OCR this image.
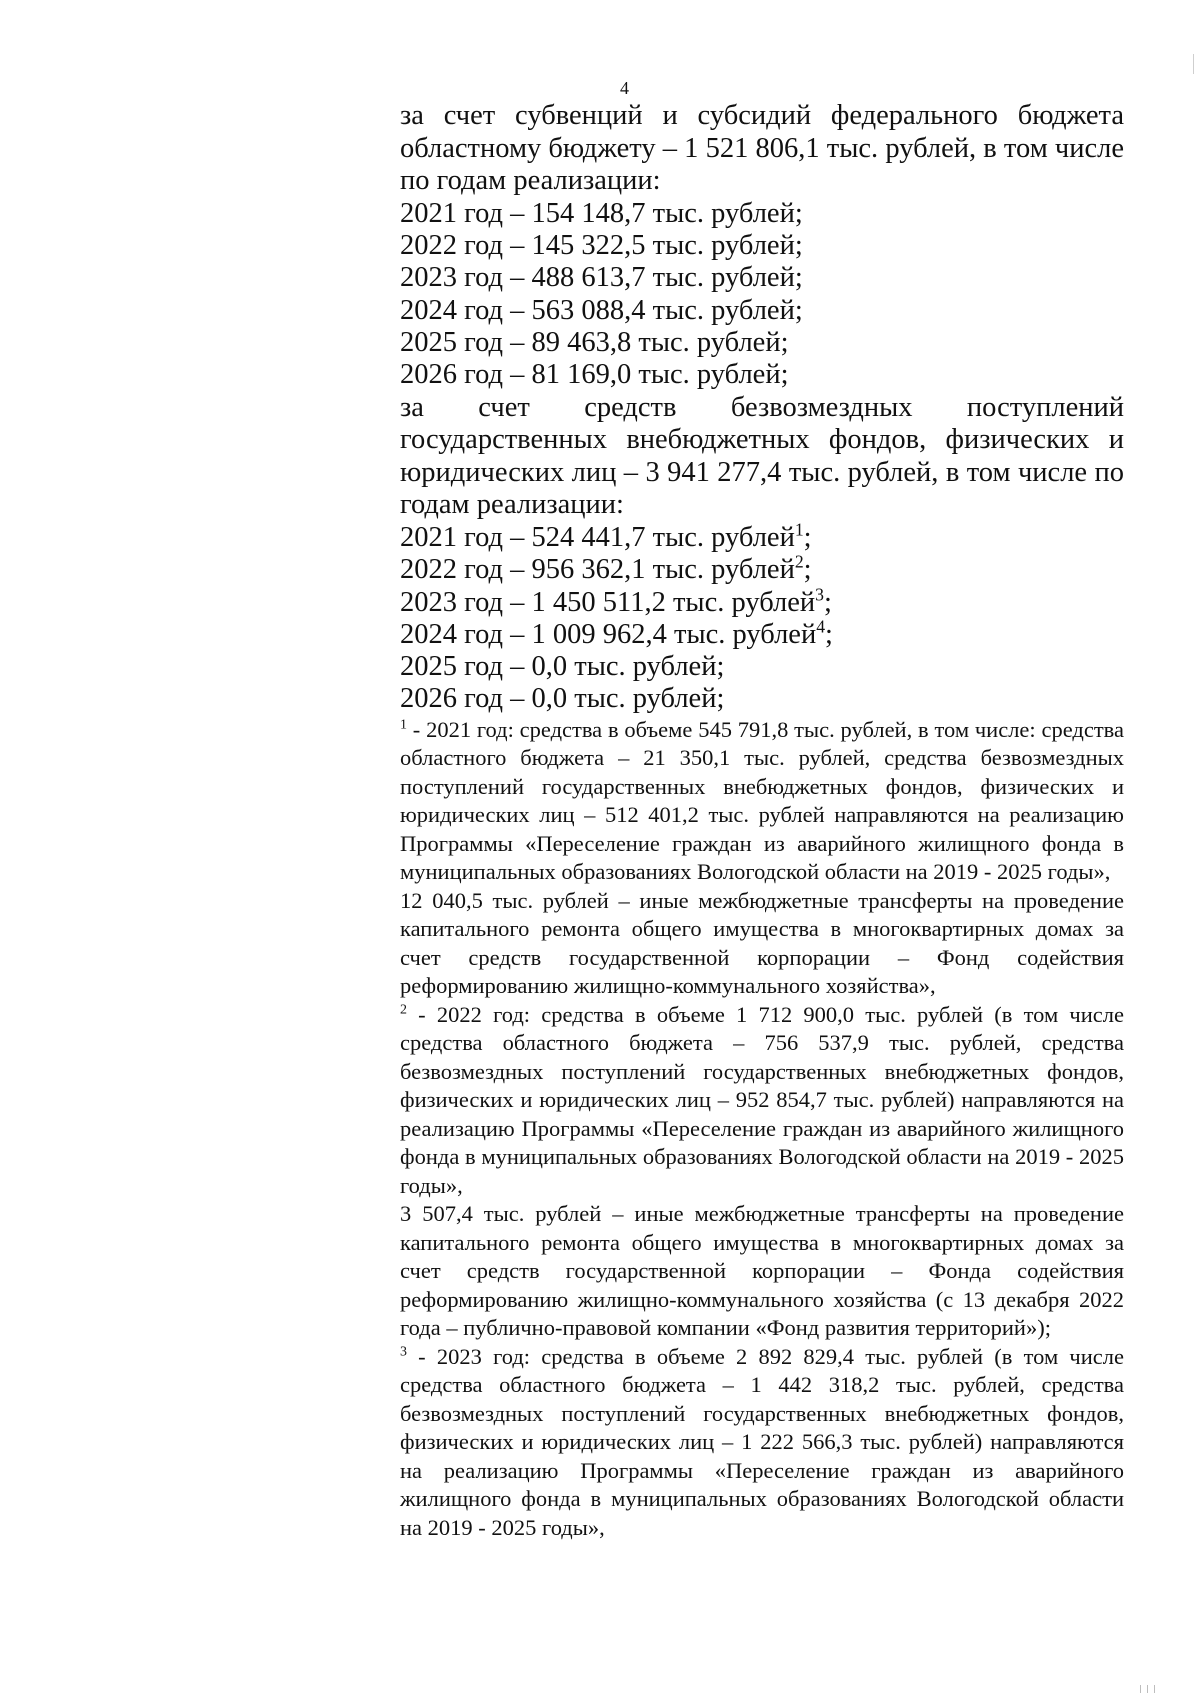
4

за счет субвенций и субсидий федерального бюджета областному бюджету – 1 521 806,1 тыс. рублей, в том числе по годам реализации:

2021 год – 154 148,7 тыс. рублей;

2022 год – 145 322,5 тыс. рублей;

2023 год – 488 613,7 тыс. рублей;

2024 год – 563 088,4 тыс. рублей;

2025 год – 89 463,8 тыс. рублей;

2026 год – 81 169,0 тыс. рублей;

за счет средств безвозмездных поступлений государственных внебюджетных фондов, физических и юридических лиц – 3 941 277,4 тыс. рублей, в том числе по годам реализации:

2021 год – 524 441,7 тыс. рублей$^1$;

2022 год – 956 362,1 тыс. рублей$^2$;

2023 год – 1 450 511,2 тыс. рублей$^3$;

2024 год – 1 009 962,4 тыс. рублей$^4$;

2025 год – 0,0 тыс. рублей;

2026 год – 0,0 тыс. рублей;

$^1$ - 2021 год: средства в объеме 545 791,8 тыс. рублей, в том числе: средства областного бюджета – 21 350,1 тыс. рублей, средства безвозмездных поступлений государственных внебюджетных фондов, физических и юридических лиц – 512 401,2 тыс. рублей направляются на реализацию Программы «Переселение граждан из аварийного жилищного фонда в муниципальных образованиях Вологодской области на 2019 - 2025 годы»,

12 040,5 тыс. рублей – иные межбюджетные трансферты на проведение капитального ремонта общего имущества в многоквартирных домах за счет средств государственной корпорации – Фонд содействия реформированию жилищно-коммунального хозяйства»,

$^2$ - 2022 год: средства в объеме 1 712 900,0 тыс. рублей (в том числе средства областного бюджета – 756 537,9 тыс. рублей, средства безвозмездных поступлений государственных внебюджетных фондов, физических и юридических лиц – 952 854,7 тыс. рублей) направляются на реализацию Программы «Переселение граждан из аварийного жилищного фонда в муниципальных образованиях Вологодской области на 2019 - 2025 годы»,

3 507,4 тыс. рублей – иные межбюджетные трансферты на проведение капитального ремонта общего имущества в многоквартирных домах за счет средств государственной корпорации – Фонда содействия реформированию жилищно-коммунального хозяйства (с 13 декабря 2022 года – публично-правовой компании «Фонд развития территорий»);

$^3$ - 2023 год: средства в объеме 2 892 829,4 тыс. рублей (в том числе средства областного бюджета – 1 442 318,2 тыс. рублей, средства безвозмездных поступлений государственных внебюджетных фондов, физических и юридических лиц – 1 222 566,3 тыс. рублей) направляются на реализацию Программы «Переселение граждан из аварийного жилищного фонда в муниципальных образованиях Вологодской области на 2019 - 2025 годы»,
